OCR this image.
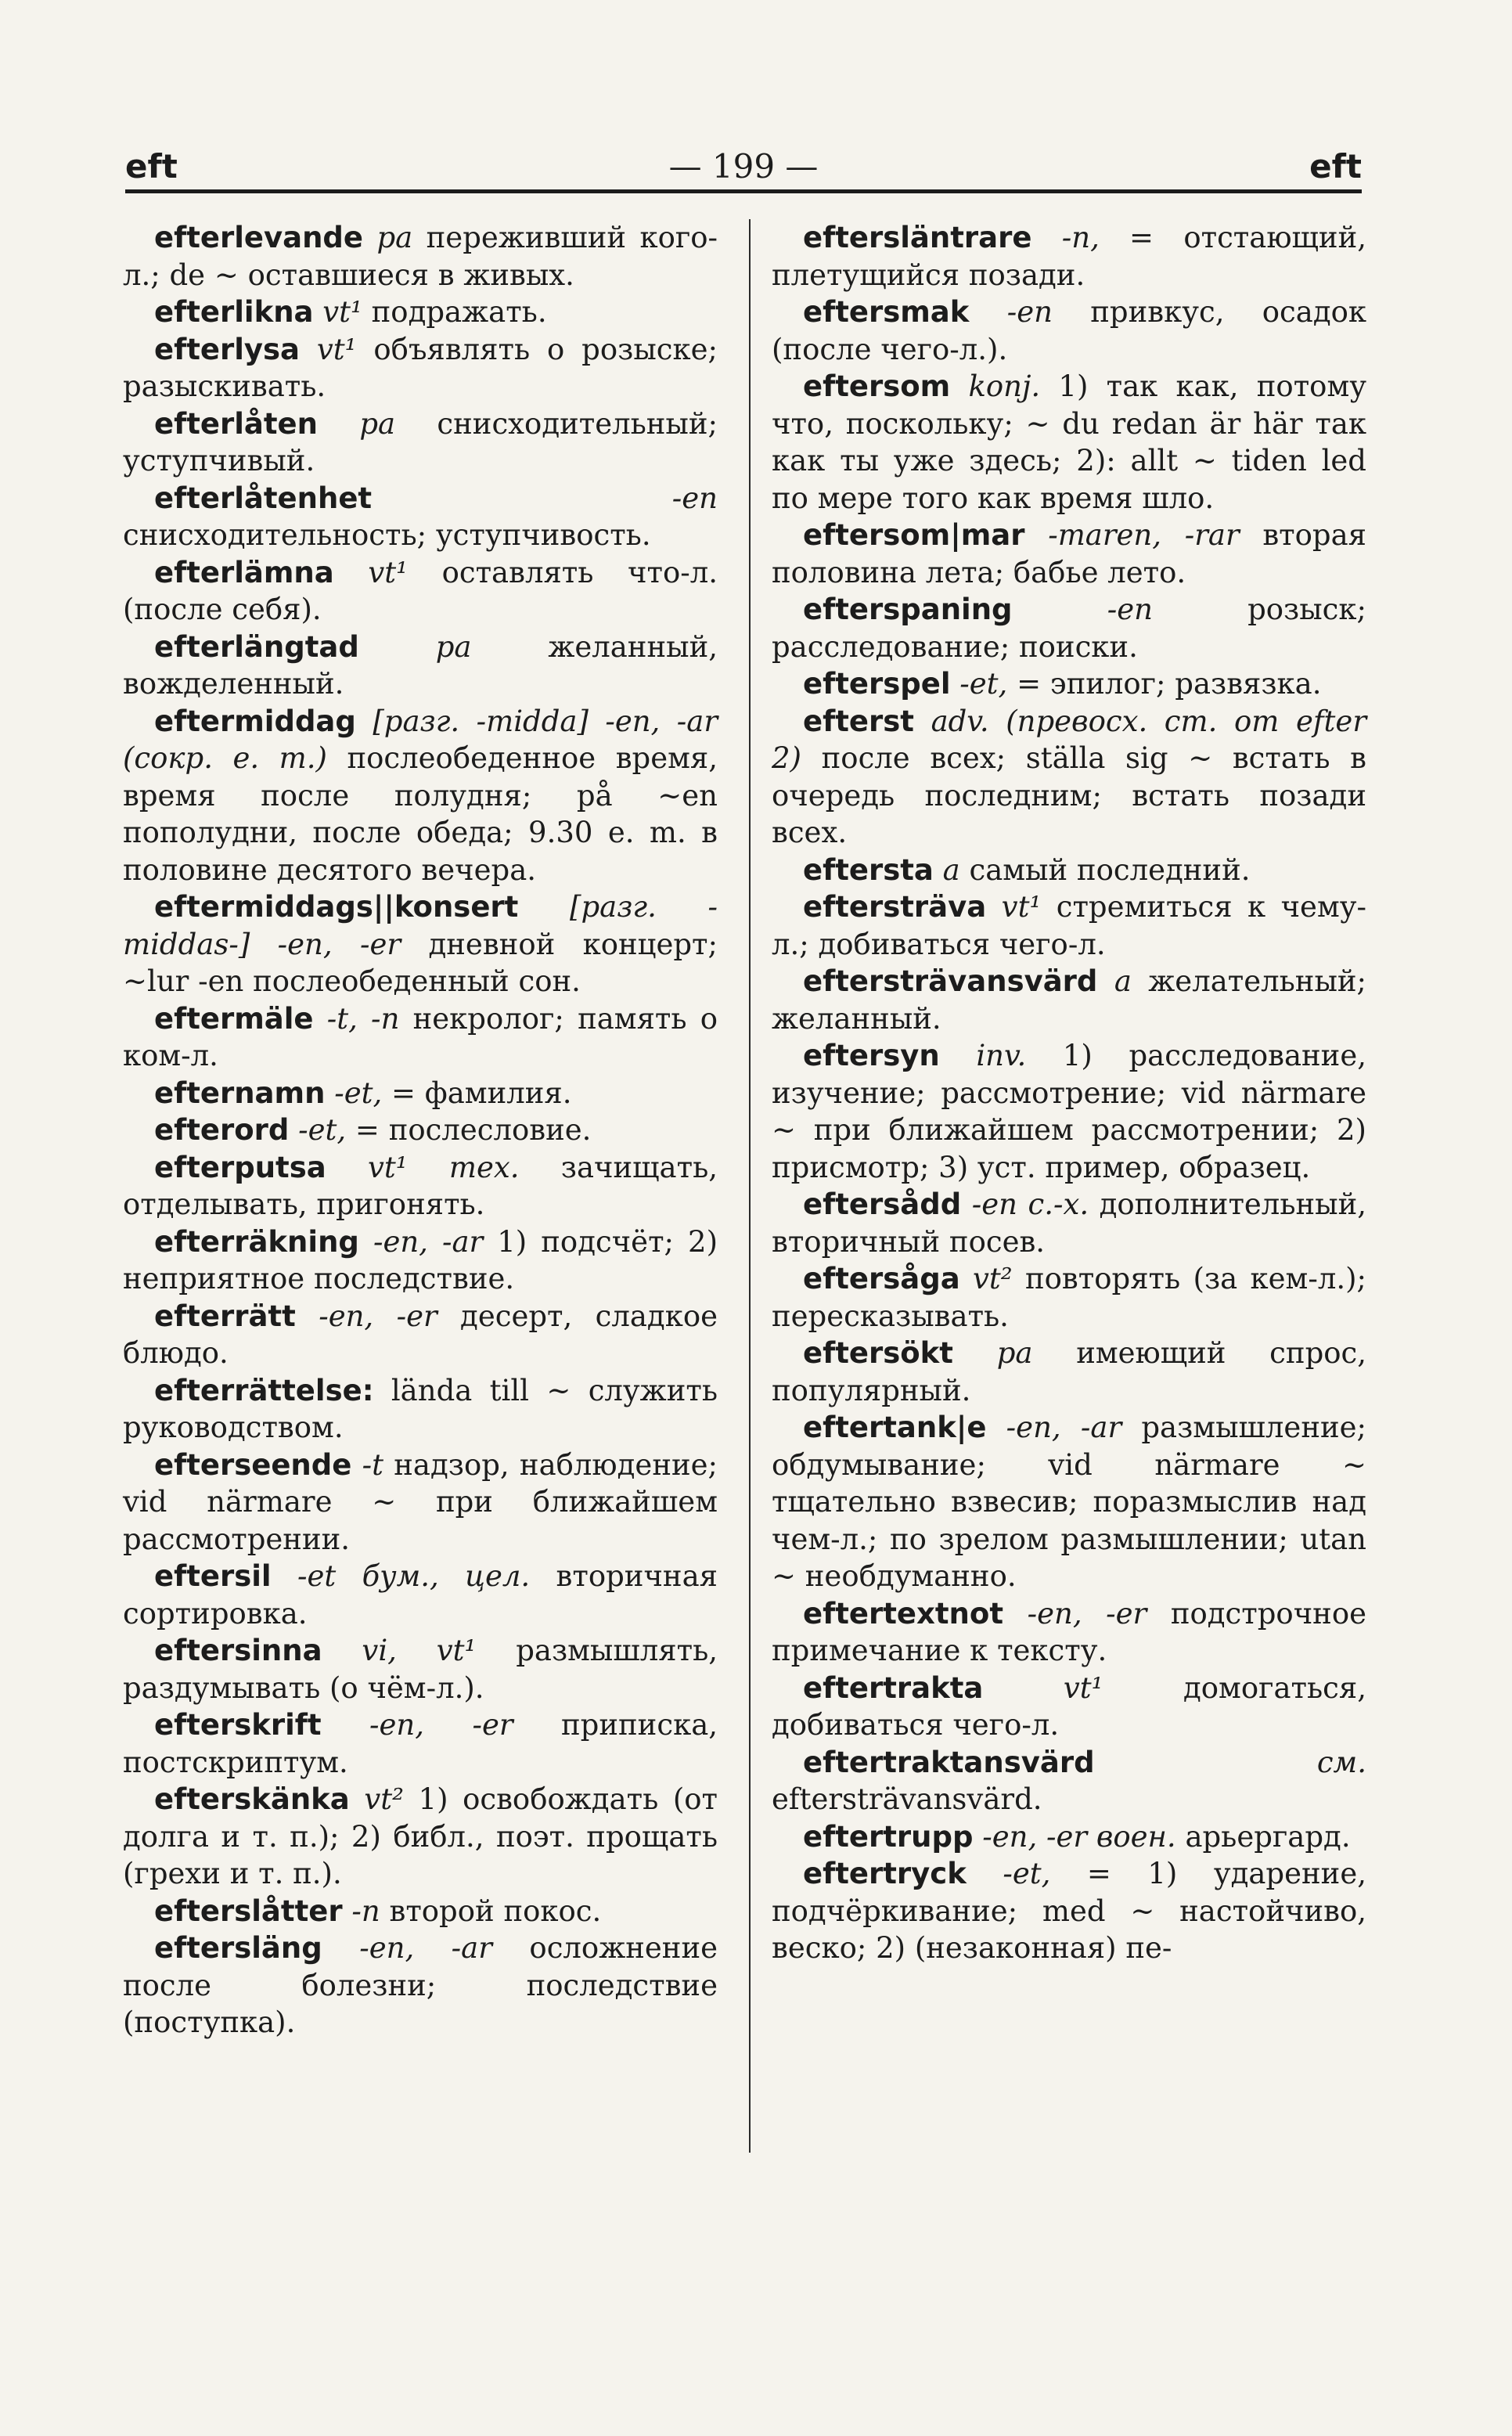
eft	— 199 —	eft

efterlevande pa переживший кого-л.; de ~ оставшиеся в живых.

efterlikna vt¹ подражать.

efterlysa vt¹ объявлять о розыске; разыскивать.

efterlåten pa снисходительный; уступчивый.

efterlåtenhet	-en снисходительность; уступчивость.

efterlämna vt¹ оставлять что-л. (после себя).

efterlängtad	pa	желанный, вожделенный.

eftermiddag [разг. -midda] -en, -ar (сокр. e. m.) послеобеденное время, время после полудня; på ~en пополудни, после обеда; 9.30 e. m. в половине десятого вечера.

eftermiddags||konsert [разг. -middas-] -en, -er дневной концерт; ~lur -en послеобеденный сон.

eftermäle -t, -n некролог; память о ком-л.

efternamn -et, = фамилия.

efterord -et, = послесловие.

efterputsa vt¹ тех. зачищать, отделывать, пригонять.

efterräkning -en, -ar 1) подсчёт; 2) неприятное последствие.

efterrätt -en, -er десерт, сладкое блюдо.

efterrättelse: lända till ~ служить руководством.

efterseende -t надзор, наблюдение; vid närmare ~ при ближайшем рассмотрении.

eftersil -et бум., цел. вторичная сортировка.

eftersinna vi, vt¹ размышлять, раздумывать (о чём-л.).

efterskrift -en, -er приписка, постскриптум.

efterskänka vt² 1) освобождать (от долга и т. п.); 2) библ., поэт. прощать (грехи и т. п.).

efterslåtter -n второй покос.

eftersläng -en, -ar осложнение после болезни; последствие (поступка).

eftersläntrare -n, = отстающий, плетущийся позади.

eftersmak -en привкус, осадок (после чего-л.).

eftersom konj. 1) так как, потому что, поскольку; ~ du redan är här так как ты уже здесь; 2): allt ~ tiden led по мере того как время шло.

eftersom|mar -maren, -rar вторая половина лета; бабье лето.

efterspaning	-en	розыск; расследование; поиски.

efterspel -et, = эпилог; развязка.

efterst adv. (превосх. ст. от efter 2) после всех; ställa sig ~ встать в очередь последним; встать позади всех.

eftersta a самый последний.

eftersträva vt¹ стремиться к чему-л.; добиваться чего-л.

eftersträvansvärd a желательный; желанный.

eftersyn inv. 1) расследование, изучение; рассмотрение; vid närmare ~ при ближайшем рассмотрении; 2) присмотр; 3) уст. пример, образец.

eftersådd -en с.-х. дополнительный, вторичный посев.

eftersåga vt² повторять (за кем-л.); пересказывать.

eftersökt pa имеющий спрос, популярный.

eftertank|e -en, -ar размышление; обдумывание; vid närmare ~ тщательно взвесив; поразмыслив над чем-л.; по зрелом размышлении; utan ~ необдуманно.

eftertextnot -en, -er подстрочное примечание к тексту.

eftertrakta	vt¹	домогаться, добиваться чего-л.

eftertraktansvärd	см. eftersträvansvärd.

eftertrupp -en, -er воен. арьергард.

eftertryck -et, = 1) ударение, подчёркивание; med ~ настойчиво, веско; 2) (незаконная) пе-
